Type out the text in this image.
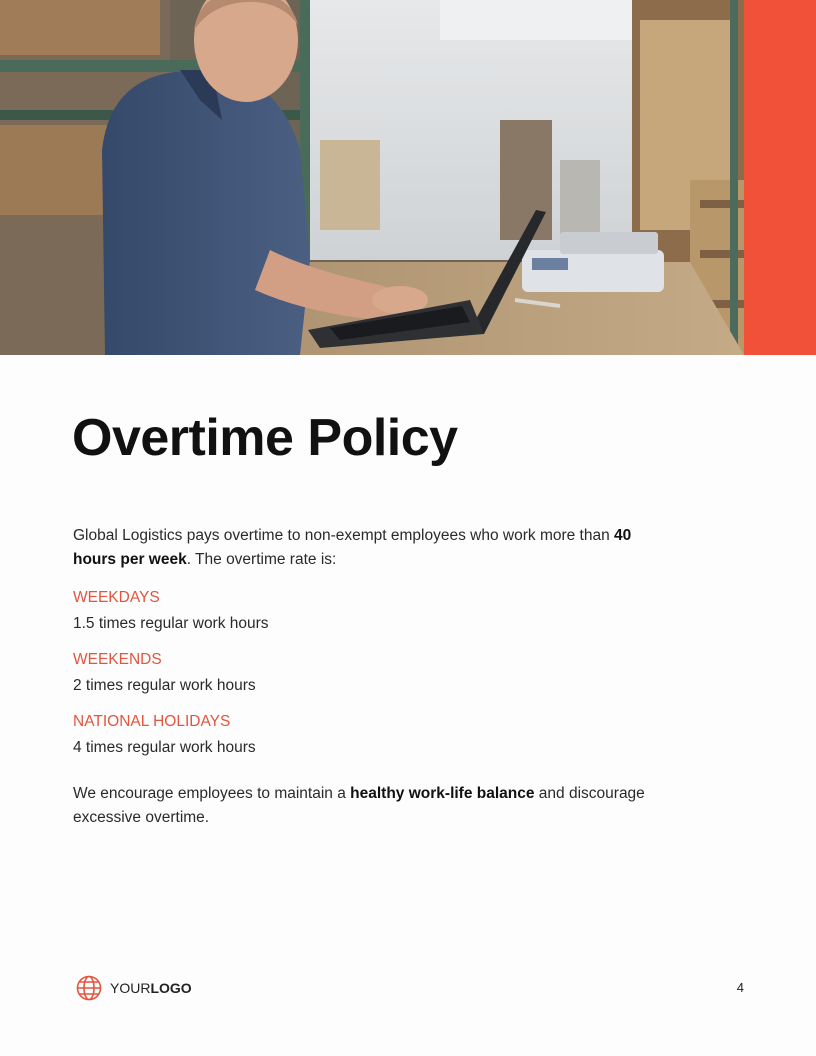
Overtime Policy

Global Logistics pays overtime to non-exempt employees who work more than 40 hours per week. The overtime rate is:

WEEKDAYS
1.5 times regular work hours
WEEKENDS
2 times regular work hours
NATIONAL HOLIDAYS
4 times regular work hours

We encourage employees to maintain a healthy work-life balance and discourage excessive overtime.

YOURLOGO	4
